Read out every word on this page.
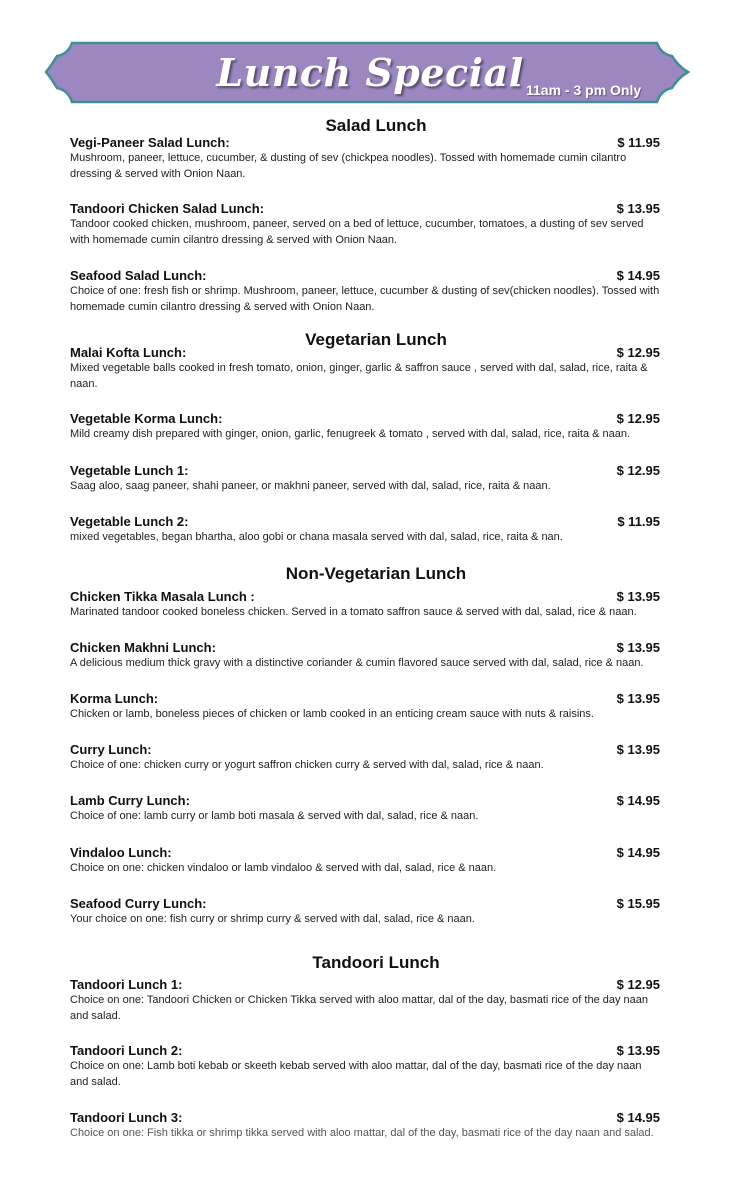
Lunch Special 11am - 3 pm Only
Salad Lunch
Vegi-Paneer Salad Lunch:	$ 11.95
Mushroom, paneer, lettuce, cucumber, & dusting of sev (chickpea noodles). Tossed with homemade cumin cilantro dressing & served with Onion Naan.
Tandoori Chicken Salad Lunch:	$ 13.95
Tandoor cooked chicken, mushroom, paneer, served on a bed of lettuce, cucumber, tomatoes, a dusting of sev served with homemade cumin cilantro dressing & served with Onion Naan.
Seafood Salad Lunch:	$ 14.95
Choice of one: fresh fish or shrimp. Mushroom, paneer, lettuce, cucumber & dusting of sev(chicken noodles). Tossed with homemade cumin cilantro dressing & served with Onion Naan.
Vegetarian Lunch
Malai Kofta Lunch:	$ 12.95
Mixed vegetable balls cooked in fresh tomato, onion, ginger, garlic & saffron sauce , served with dal, salad, rice, raita & naan.
Vegetable Korma Lunch:	$ 12.95
Mild creamy dish prepared with ginger, onion, garlic, fenugreek & tomato , served with dal, salad, rice, raita & naan.
Vegetable Lunch 1:	$ 12.95
Saag aloo, saag paneer, shahi paneer, or makhni paneer, served with dal, salad, rice, raita & naan.
Vegetable Lunch 2:	$ 11.95
mixed vegetables, began bhartha, aloo gobi or chana masala served with dal, salad, rice, raita & nan.
Non-Vegetarian Lunch
Chicken Tikka Masala Lunch :	$ 13.95
Marinated tandoor cooked boneless chicken. Served in a tomato saffron sauce & served with dal, salad, rice & naan.
Chicken Makhni Lunch:	$ 13.95
A delicious medium thick gravy with a distinctive coriander & cumin flavored sauce served with dal, salad, rice & naan.
Korma Lunch:	$ 13.95
Chicken or lamb, boneless pieces of chicken or lamb cooked in an enticing cream sauce with nuts & raisins.
Curry Lunch:	$ 13.95
Choice of one: chicken curry or yogurt saffron chicken curry & served with dal, salad, rice & naan.
Lamb Curry Lunch:	$ 14.95
Choice of one: lamb curry or lamb boti masala & served with dal, salad, rice & naan.
Vindaloo Lunch:	$ 14.95
Choice on one: chicken vindaloo or lamb vindaloo & served with dal, salad, rice & naan.
Seafood Curry Lunch:	$ 15.95
Your choice on one: fish curry or shrimp curry & served with dal, salad, rice & naan.
Tandoori Lunch
Tandoori Lunch 1:	$ 12.95
Choice on one: Tandoori Chicken or Chicken Tikka served with aloo mattar, dal of the day, basmati rice of the day naan and salad.
Tandoori Lunch 2:	$ 13.95
Choice on one: Lamb boti kebab or skeeth kebab served with aloo mattar, dal of the day, basmati rice of the day naan and salad.
Tandoori Lunch 3:	$ 14.95
Choice on one: Fish tikka or shrimp tikka served with aloo mattar, dal of the day, basmati rice of the day naan and salad.
